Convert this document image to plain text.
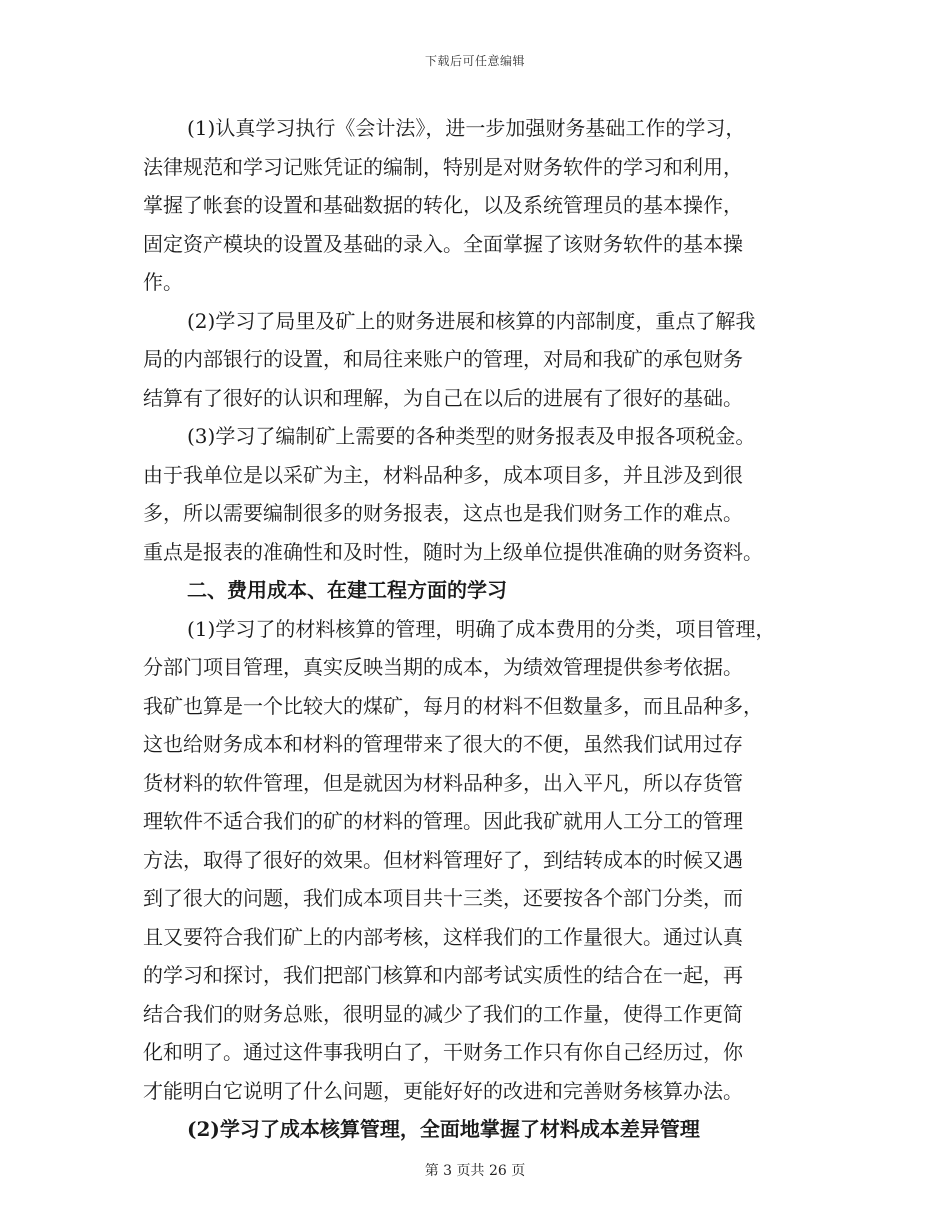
下载后可任意编辑

(1)认真学习执行《会计法》，进一步加强财务基础工作的学习，
法律规范和学习记账凭证的编制，特别是对财务软件的学习和利用，
掌握了帐套的设置和基础数据的转化，以及系统管理员的基本操作，
固定资产模块的设置及基础的录入。全面掌握了该财务软件的基本操
作。

(2)学习了局里及矿上的财务进展和核算的内部制度，重点了解我
局的内部银行的设置，和局往来账户的管理，对局和我矿的承包财务
结算有了很好的认识和理解，为自己在以后的进展有了很好的基础。

(3)学习了编制矿上需要的各种类型的财务报表及申报各项税金。
由于我单位是以采矿为主，材料品种多，成本项目多，并且涉及到很
多，所以需要编制很多的财务报表，这点也是我们财务工作的难点。
重点是报表的准确性和及时性，随时为上级单位提供准确的财务资料。

二、费用成本、在建工程方面的学习

(1)学习了的材料核算的管理，明确了成本费用的分类，项目管理，
分部门项目管理，真实反映当期的成本，为绩效管理提供参考依据。
我矿也算是一个比较大的煤矿，每月的材料不但数量多，而且品种多，
这也给财务成本和材料的管理带来了很大的不便，虽然我们试用过存
货材料的软件管理，但是就因为材料品种多，出入平凡，所以存货管
理软件不适合我们的矿的材料的管理。因此我矿就用人工分工的管理
方法，取得了很好的效果。但材料管理好了，到结转成本的时候又遇
到了很大的问题，我们成本项目共十三类，还要按各个部门分类，而
且又要符合我们矿上的内部考核，这样我们的工作量很大。通过认真
的学习和探讨，我们把部门核算和内部考试实质性的结合在一起，再
结合我们的财务总账，很明显的减少了我们的工作量，使得工作更简
化和明了。通过这件事我明白了，干财务工作只有你自己经历过，你
才能明白它说明了什么问题，更能好好的改进和完善财务核算办法。

(2)学习了成本核算管理，全面地掌握了材料成本差异管理

第 3 页共 26 页
